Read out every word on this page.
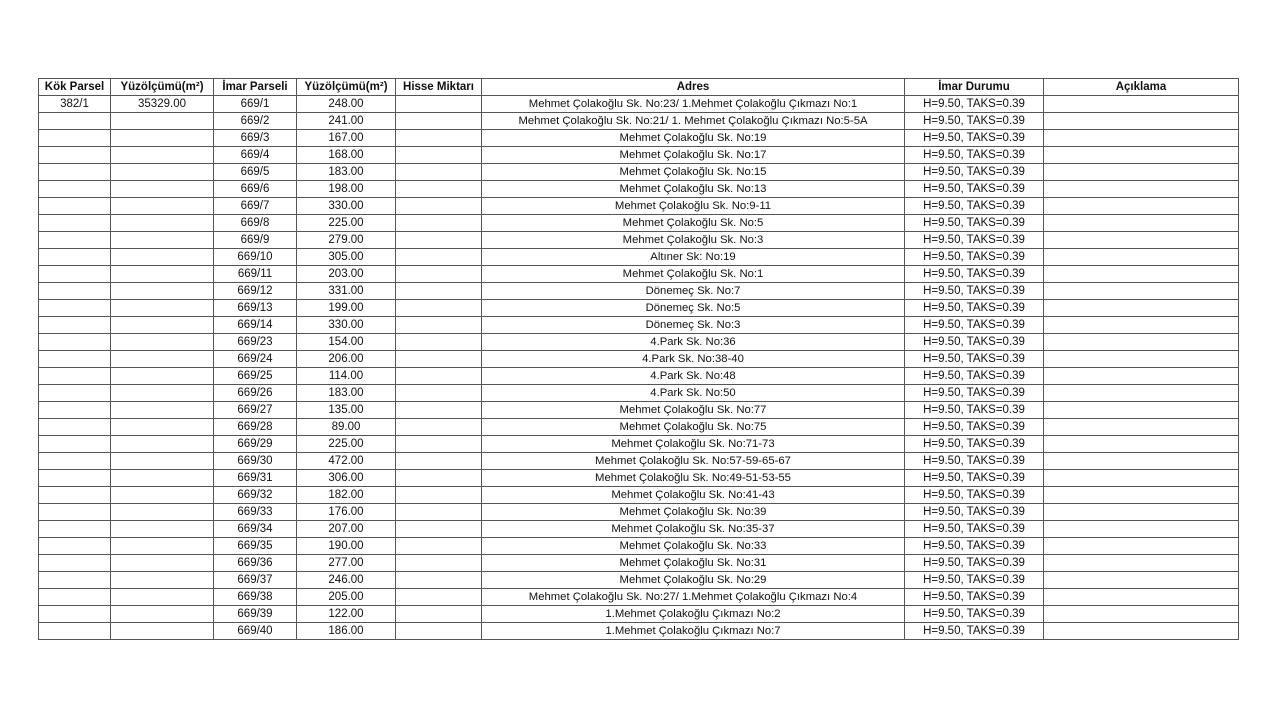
Kök Parsel	Yüzölçümü(m²)	İmar Parseli	Yüzölçümü(m²)	Hisse Miktarı	Adres	İmar Durumu	Açıklama
382/1	35329.00	669/1	248.00		Mehmet Çolakoğlu Sk. No:23/ 1.Mehmet Çolakoğlu Çıkmazı No:1	H=9.50, TAKS=0.39	
		669/2	241.00		Mehmet Çolakoğlu Sk. No:21/ 1. Mehmet Çolakoğlu Çıkmazı No:5-5A	H=9.50, TAKS=0.39	
		669/3	167.00		Mehmet Çolakoğlu Sk. No:19	H=9.50, TAKS=0.39	
		669/4	168.00		Mehmet Çolakoğlu Sk. No:17	H=9.50, TAKS=0.39	
		669/5	183.00		Mehmet Çolakoğlu Sk. No:15	H=9.50, TAKS=0.39	
		669/6	198.00		Mehmet Çolakoğlu Sk. No:13	H=9.50, TAKS=0.39	
		669/7	330.00		Mehmet Çolakoğlu Sk. No:9-11	H=9.50, TAKS=0.39	
		669/8	225.00		Mehmet Çolakoğlu Sk. No:5	H=9.50, TAKS=0.39	
		669/9	279.00		Mehmet Çolakoğlu Sk. No:3	H=9.50, TAKS=0.39	
		669/10	305.00		Altıner Sk: No:19	H=9.50, TAKS=0.39	
		669/11	203.00		Mehmet Çolakoğlu Sk. No:1	H=9.50, TAKS=0.39	
		669/12	331.00		Dönemeç Sk. No:7	H=9.50, TAKS=0.39	
		669/13	199.00		Dönemeç Sk. No:5	H=9.50, TAKS=0.39	
		669/14	330.00		Dönemeç Sk. No:3	H=9.50, TAKS=0.39	
		669/23	154.00		4.Park Sk. No:36	H=9.50, TAKS=0.39	
		669/24	206.00		4.Park Sk. No:38-40	H=9.50, TAKS=0.39	
		669/25	114.00		4.Park Sk. No:48	H=9.50, TAKS=0.39	
		669/26	183.00		4.Park Sk. No:50	H=9.50, TAKS=0.39	
		669/27	135.00		Mehmet Çolakoğlu Sk. No:77	H=9.50, TAKS=0.39	
		669/28	89.00		Mehmet Çolakoğlu Sk. No:75	H=9.50, TAKS=0.39	
		669/29	225.00		Mehmet Çolakoğlu Sk. No:71-73	H=9.50, TAKS=0.39	
		669/30	472.00		Mehmet Çolakoğlu Sk. No:57-59-65-67	H=9.50, TAKS=0.39	
		669/31	306.00		Mehmet Çolakoğlu Sk. No:49-51-53-55	H=9.50, TAKS=0.39	
		669/32	182.00		Mehmet Çolakoğlu Sk. No:41-43	H=9.50, TAKS=0.39	
		669/33	176.00		Mehmet Çolakoğlu Sk. No:39	H=9.50, TAKS=0.39	
		669/34	207.00		Mehmet Çolakoğlu Sk. No:35-37	H=9.50, TAKS=0.39	
		669/35	190.00		Mehmet Çolakoğlu Sk. No:33	H=9.50, TAKS=0.39	
		669/36	277.00		Mehmet Çolakoğlu Sk. No:31	H=9.50, TAKS=0.39	
		669/37	246.00		Mehmet Çolakoğlu Sk. No:29	H=9.50, TAKS=0.39	
		669/38	205.00		Mehmet Çolakoğlu Sk. No:27/ 1.Mehmet Çolakoğlu Çıkmazı No:4	H=9.50, TAKS=0.39	
		669/39	122.00		1.Mehmet Çolakoğlu Çıkmazı No:2	H=9.50, TAKS=0.39	
		669/40	186.00		1.Mehmet Çolakoğlu Çıkmazı No:7	H=9.50, TAKS=0.39	
